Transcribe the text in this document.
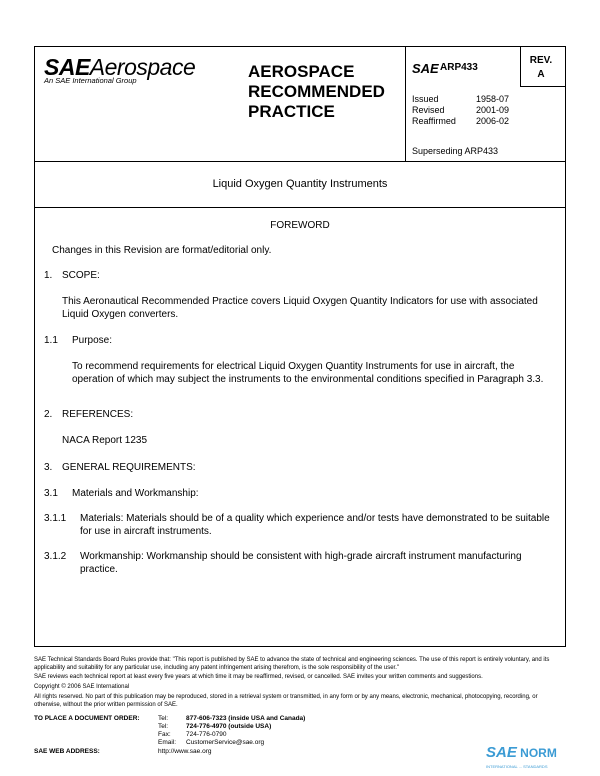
SAEAerospace
An SAE International Group	AEROSPACE
RECOMMENDED
PRACTICE
SAE ARP433
REV.
A
Issued	1958-07
Revised	2001-09
Reaffirmed 2006-02
Superseding ARP433
Liquid Oxygen Quantity Instruments
FOREWORD
Changes in this Revision are format/editorial only.
1. SCOPE:
This Aeronautical Recommended Practice covers Liquid Oxygen Quantity Indicators for use with associated Liquid Oxygen converters.
1.1 Purpose:
To recommend requirements for electrical Liquid Oxygen Quantity Instruments for use in aircraft, the operation of which may subject the instruments to the environmental conditions specified in Paragraph 3.3.
2. REFERENCES:
NACA Report 1235
3. GENERAL REQUIREMENTS:
3.1 Materials and Workmanship:
3.1.1 Materials: Materials should be of a quality which experience and/or tests have demonstrated to be suitable for use in aircraft instruments.
3.1.2 Workmanship: Workmanship should be consistent with high-grade aircraft instrument manufacturing practice.
SAE Technical Standards Board Rules provide that: "This report is published by SAE to advance the state of technical and engineering sciences. The use of this report is entirely voluntary, and its applicability and suitability for any particular use, including any patent infringement arising therefrom, is the sole responsibility of the user."
SAE reviews each technical report at least every five years at which time it may be reaffirmed, revised, or cancelled. SAE invites your written comments and suggestions.
Copyright © 2006 SAE International
All rights reserved. No part of this publication may be reproduced, stored in a retrieval system or transmitted, in any form or by any means, electronic, mechanical, photocopying, recording, or otherwise, without the prior written permission of SAE.
TO PLACE A DOCUMENT ORDER:	Tel:	877-606-7323 (inside USA and Canada)
Tel:	724-776-4970 (outside USA)
Fax: 724-776-0790
Email: CustomerService@sae.org
SAE WEB ADDRESS:	http://www.sae.org	SAE NORM
INTERNATIONAL ... STANDARDS
